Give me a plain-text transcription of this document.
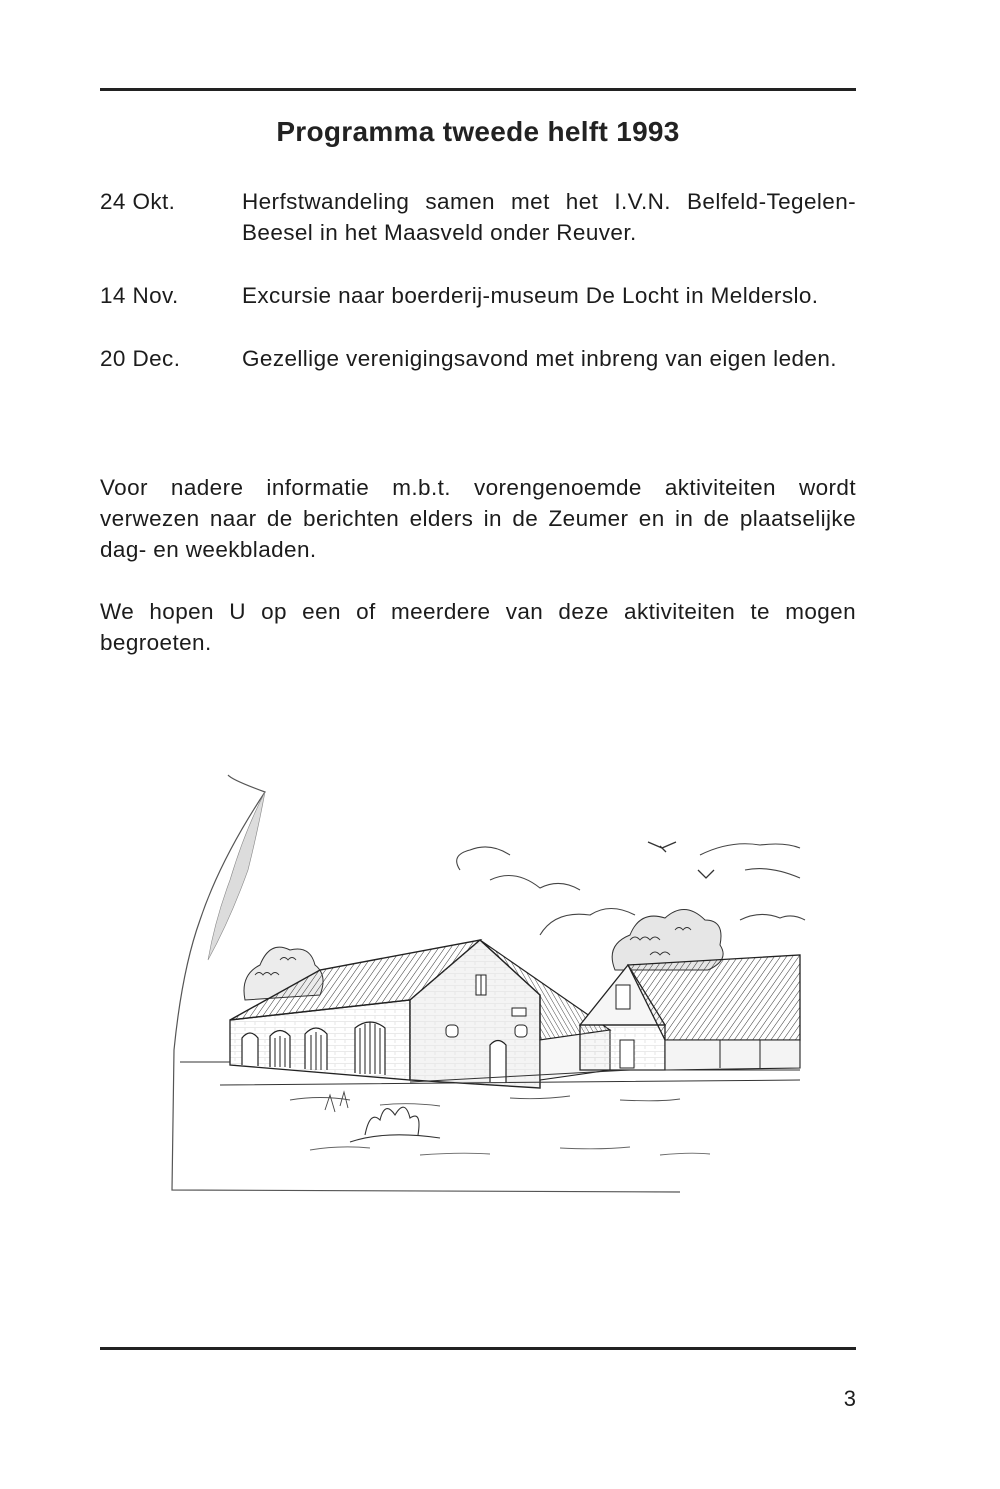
Programma tweede helft 1993
24 Okt.	Herfstwandeling samen met het I.V.N. Belfeld-Tegelen-Beesel in het Maasveld onder Reuver.
14 Nov.	Excursie naar boerderij-museum De Locht in Melderslo.
20 Dec.	Gezellige verenigingsavond met inbreng van eigen leden.

Voor nadere informatie m.b.t. vorengenoemde aktiviteiten wordt verwezen naar de berichten elders in de Zeumer en in de plaatselijke dag- en weekbladen.

We hopen U op een of meerdere van deze aktiviteiten te mogen begroeten.

3
